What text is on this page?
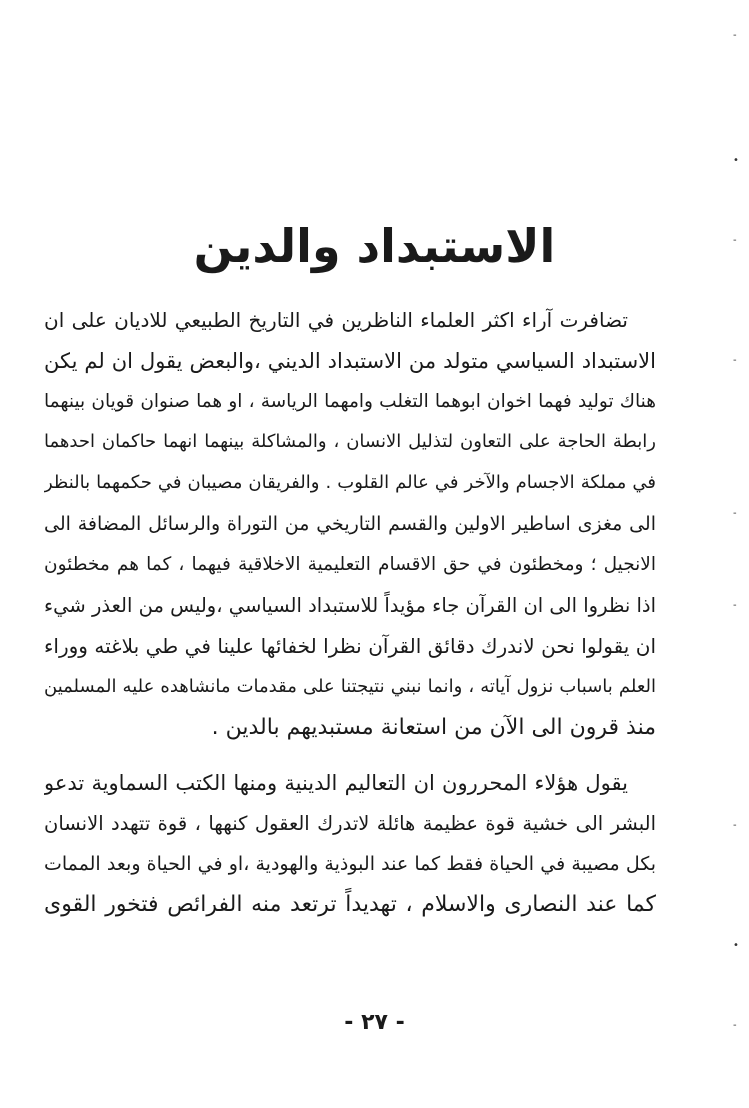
-
•
-
-
-
-
-
•
-
الاستبداد والدين
تضافرت آراء اكثر العلماء الناظرين في التاريخ الطبيعي للاديان على ان
الاستبداد السياسي متولد من الاستبداد الديني ،والبعض يقول ان لم يكن
هناك توليد فهما اخوان ابوهما التغلب وامهما الرياسة ، او هما صنوان قويان بينهما
رابطة الحاجة على التعاون لتذليل الانسان ، والمشاكلة بينهما انهما حاكمان احدهما
في مملكة الاجسام والآخر في عالم القلوب . والفريقان مصيبان في حكمهما بالنظر
الى مغزى اساطير الاولين والقسم التاريخي من التوراة والرسائل المضافة الى
الانجيل ؛ ومخطئون في حق الاقسام التعليمية الاخلاقية فيهما ، كما هم مخطئون
اذا نظروا الى ان القرآن جاء مؤيداً للاستبداد السياسي ،وليس من العذر شيء
ان يقولوا نحن لاندرك دقائق القرآن نظرا لخفائها علينا في طي بلاغته ووراء
العلم باسباب نزول آياته ، وانما نبني نتيجتنا على مقدمات مانشاهده عليه المسلمين
منذ قرون الى الآن من استعانة مستبديهم بالدين .
يقول هؤلاء المحررون ان التعاليم الدينية ومنها الكتب السماوية تدعو
البشر الى خشية قوة عظيمة هائلة لاتدرك العقول كنهها ، قوة تتهدد الانسان
بكل مصيبة في الحياة فقط كما عند البوذية والهودية ،او في الحياة وبعد الممات
كما عند النصارى والاسلام ، تهديداً ترتعد منه الفرائص فتخور القوى
- ٢٧ -
